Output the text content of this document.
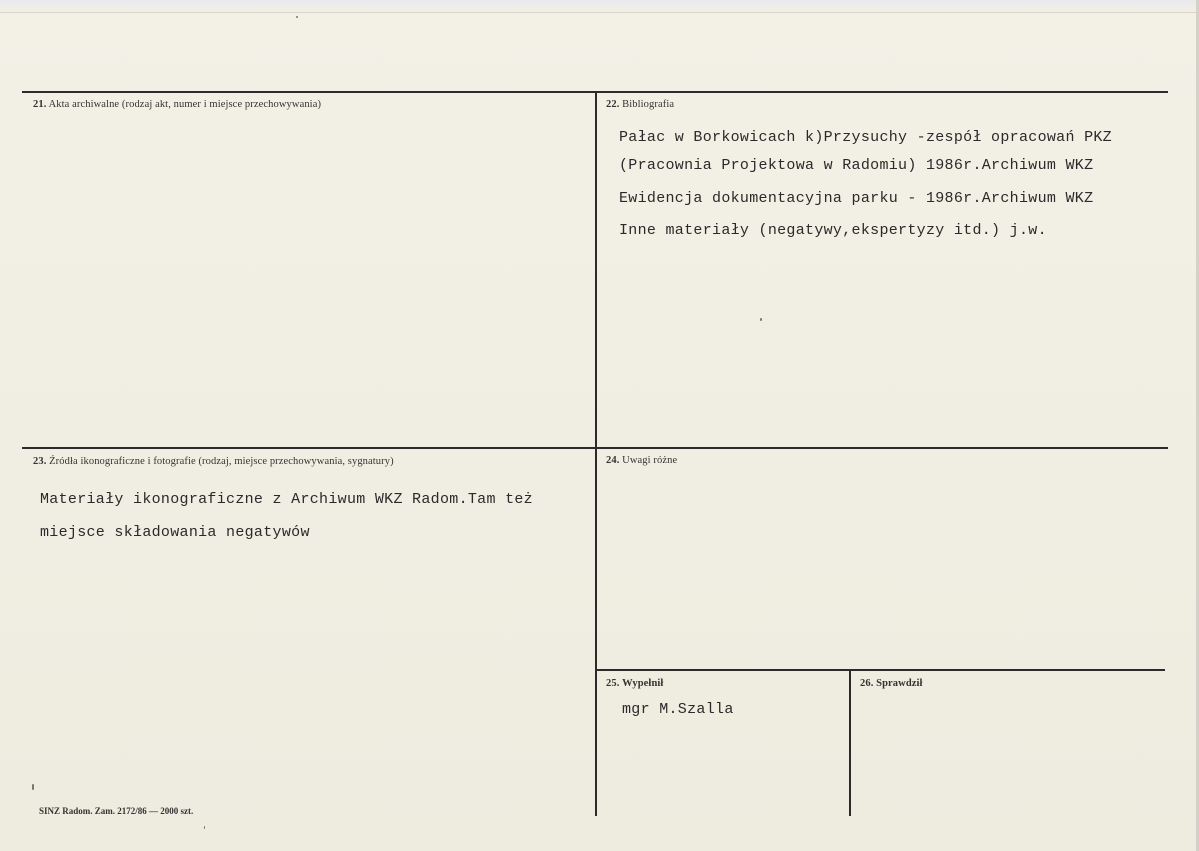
21. Akta archiwalne (rodzaj akt, numer i miejsce przechowywania)	22. Bibliografia
Pałac w Borkowicach k)Przysuchy -zespół opracowań PKZ
(Pracownia Projektowa w Radomiu) 1986r.Archiwum WKZ
Ewidencja dokumentacyjna parku - 1986r.Archiwum WKZ
Inne materiały (negatywy,ekspertyzy itd.) j.w.
23. Źródła ikonograficzne i fotografie (rodzaj, miejsce przechowywania, sygnatury)
Materiały ikonograficzne z Archiwum WKZ Radom.Tam też
miejsce składowania negatywów
24. Uwagi różne
25. Wypełnił
mgr M.Szalla
26. Sprawdził
SINZ Radom. Zam. 2172/86 — 2000 szt.
